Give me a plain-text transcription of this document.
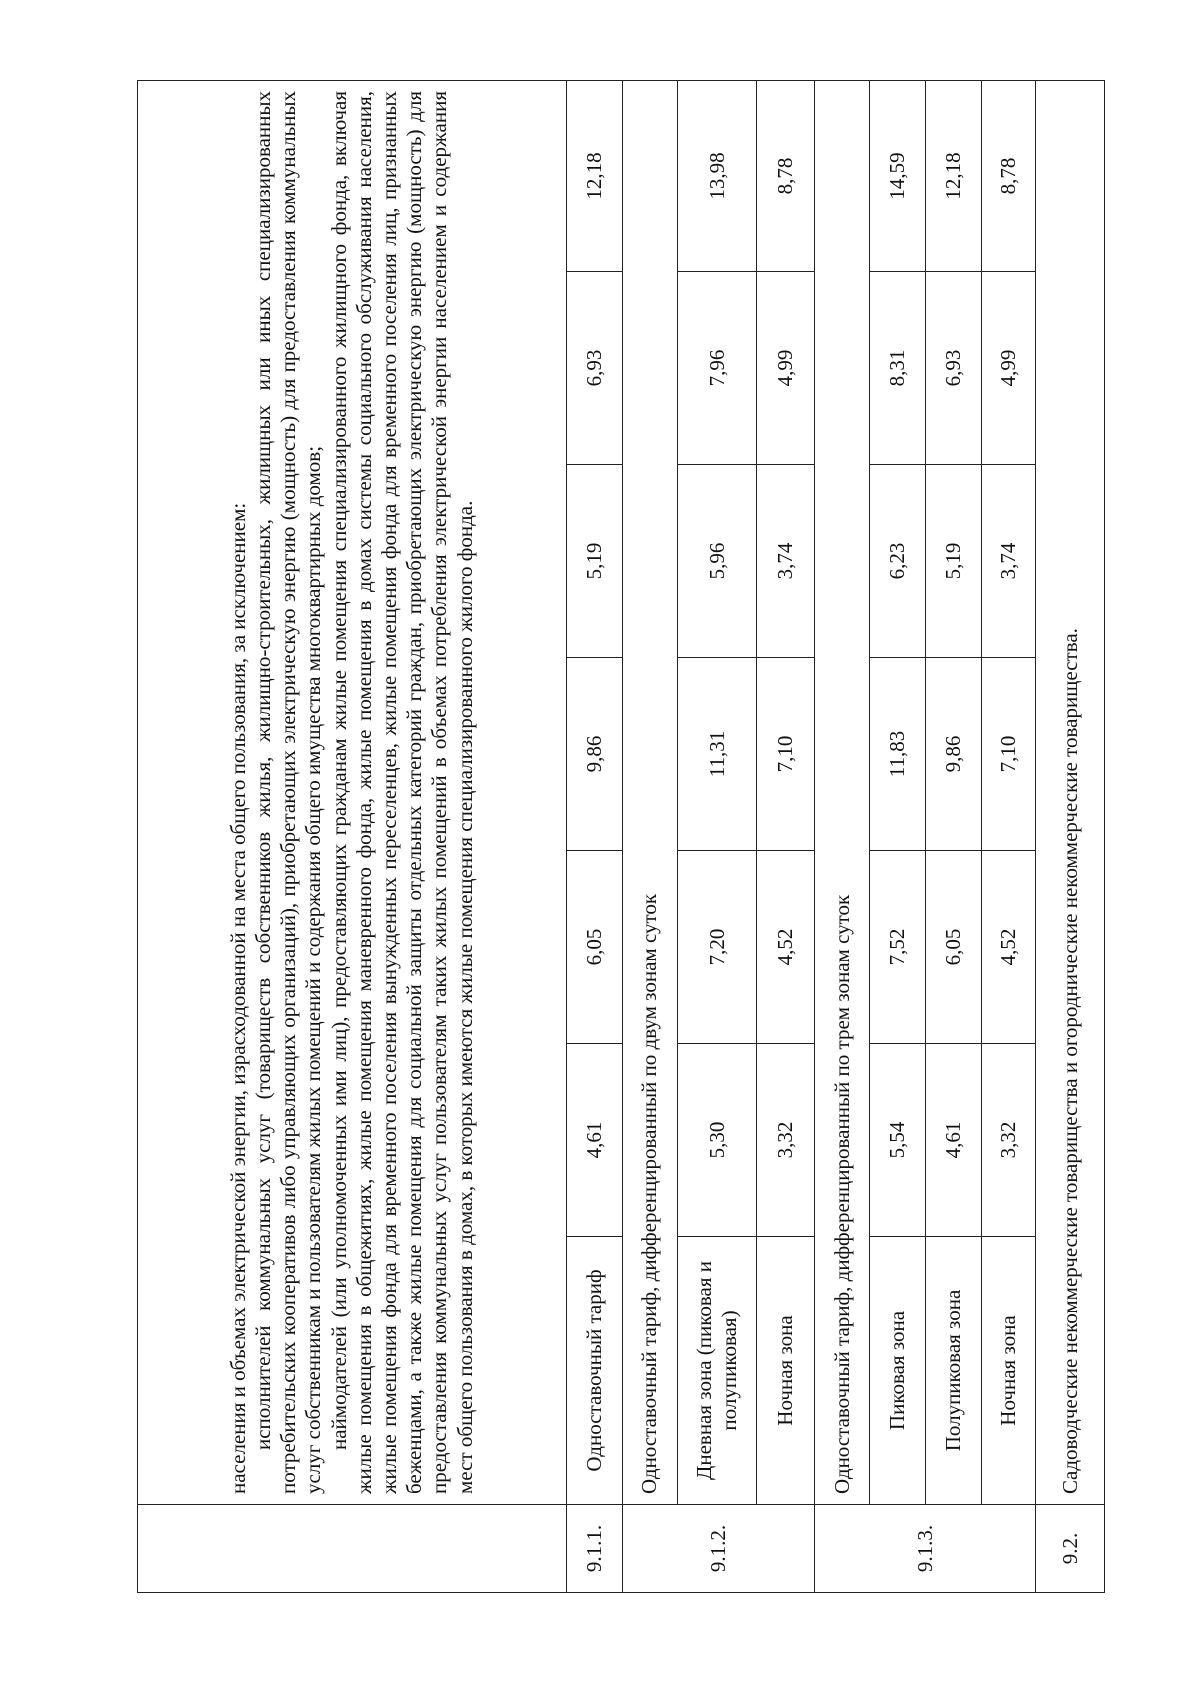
	населения и объемах электрической энергии, израсходованной на места общего пользования, за исключением: исполнителей коммунальных услуг (товариществ собственников жилья, жилищно-строительных, жилищных или иных специализированных потребительских кооперативов либо управляющих организаций), приобретающих электрическую энергию (мощность) для предоставления коммунальных услуг собственникам и пользователям жилых помещений и содержания общего имущества многоквартирных домов; наймодателей (или уполномоченных ими лиц), предоставляющих гражданам жилые помещения специализированного жилищного фонда, включая жилые помещения в общежитиях, жилые помещения маневренного фонда, жилые помещения в домах системы социального обслуживания населения, жилые помещения фонда для временного поселения вынужденных переселенцев, жилые помещения фонда для временного поселения лиц, признанных беженцами, а также жилые помещения для социальной защиты отдельных категорий граждан, приобретающих электрическую энергию (мощность) для предоставления коммунальных услуг пользователям таких жилых помещений в объемах потребления электрической энергии населением и содержания мест общего пользования в домах, в которых имеются жилые помещения специализированного жилого фонда.						

9.1.1.	Одноставочный тариф	4,61	6,05	9,86	5,19	6,93	12,18
9.1.2.	Одноставочный тариф, дифференцированный по двум зонам суток						
	Дневная зона (пиковая и полупиковая)	5,30	7,20	11,31	5,96	7,96	13,98
	Ночная зона	3,32	4,52	7,10	3,74	4,99	8,78
9.1.3.	Одноставочный тариф, дифференцированный по трем зонам суток						
	Пиковая зона	5,54	7,52	11,83	6,23	8,31	14,59
	Полупиковая зона	4,61	6,05	9,86	5,19	6,93	12,18
	Ночная зона	3,32	4,52	7,10	3,74	4,99	8,78
9.2.	Садоводческие некоммерческие товарищества и огороднические некоммерческие товарищества.						
